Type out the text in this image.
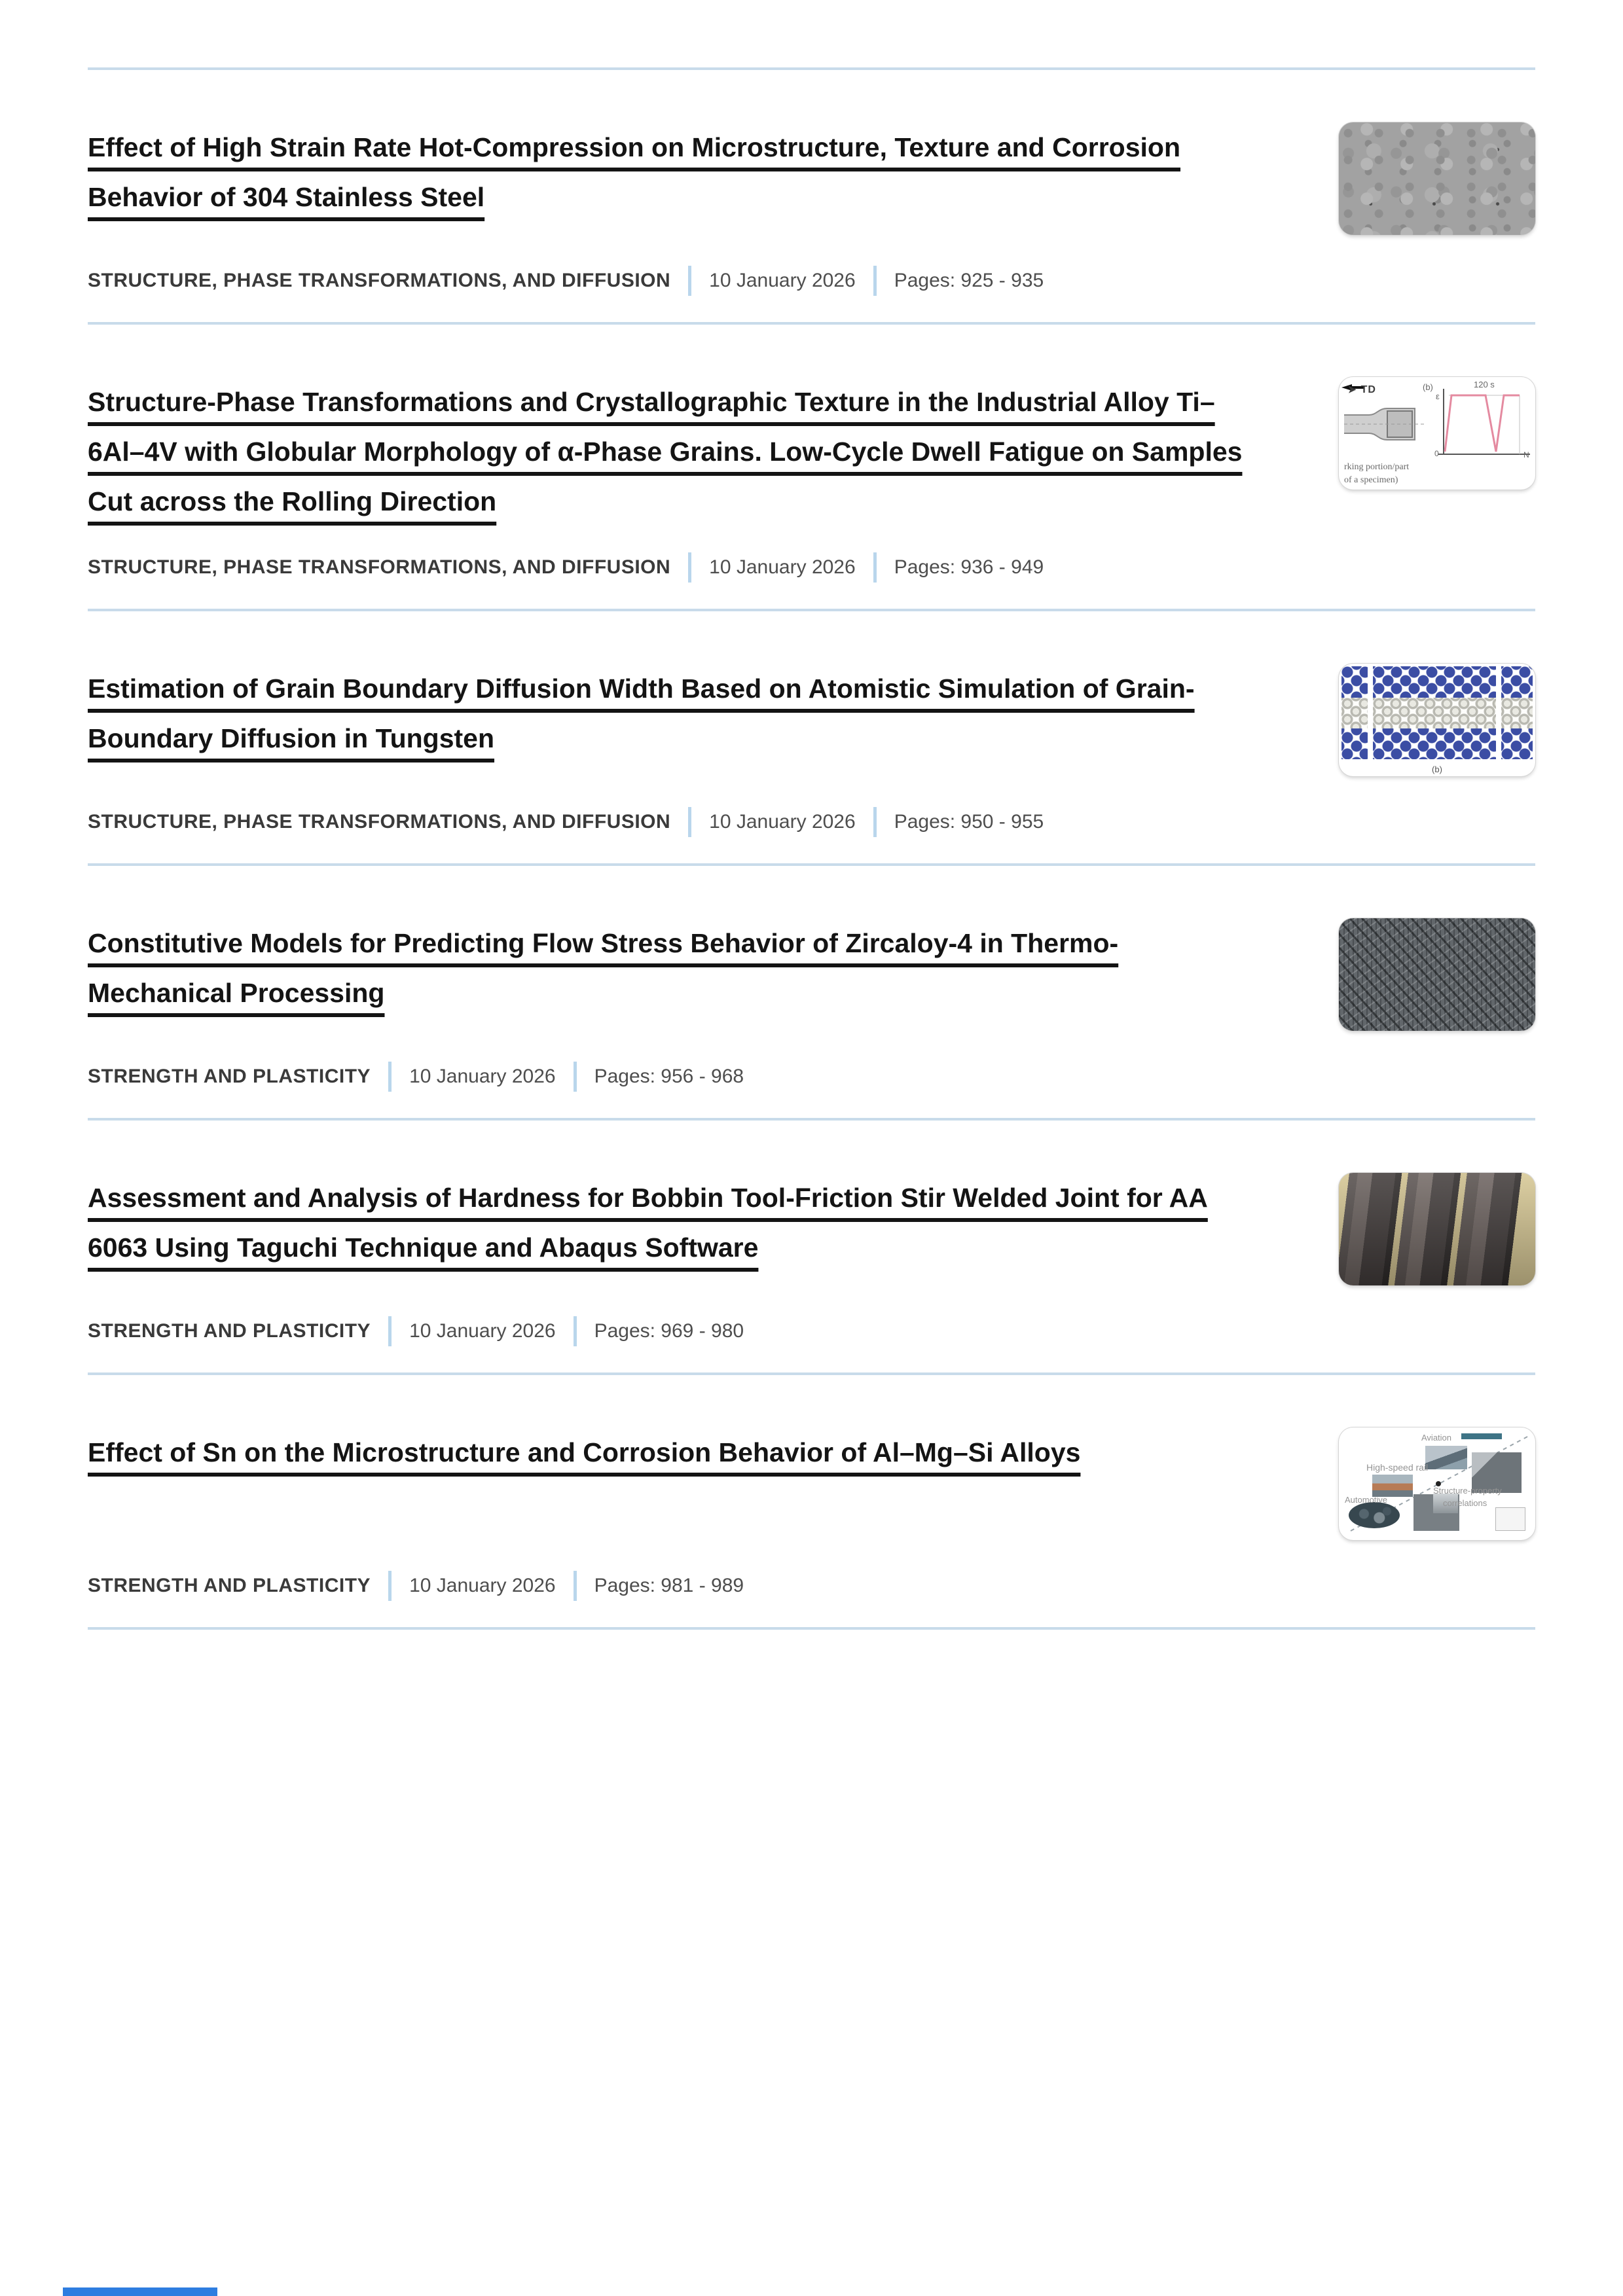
Effect of High Strain Rate Hot-Compression on Microstructure, Texture and Corrosion Behavior of 304 Stainless Steel
STRUCTURE, PHASE TRANSFORMATIONS, AND DIFFUSION 10 January 2026 Pages: 925 - 935
Structure-Phase Transformations and Crystallographic Texture in the Industrial Alloy Ti–6Al–4V with Globular Morphology of α-Phase Grains. Low-Cycle Dwell Fatigue on Samples Cut across the Rolling Direction
STRUCTURE, PHASE TRANSFORMATIONS, AND DIFFUSION 10 January 2026 Pages: 936 - 949
➤ TD	(b)
ε
120 s
0	N
rking portion/part
of a specimen)
Estimation of Grain Boundary Diffusion Width Based on Atomistic Simulation of Grain-Boundary Diffusion in Tungsten
STRUCTURE, PHASE TRANSFORMATIONS, AND DIFFUSION 10 January 2026 Pages: 950 - 955
(b)
Constitutive Models for Predicting Flow Stress Behavior of Zircaloy-4 in Thermo-Mechanical Processing
STRENGTH AND PLASTICITY 10 January 2026 Pages: 956 - 968
Assessment and Analysis of Hardness for Bobbin Tool-Friction Stir Welded Joint for AA 6063 Using Taguchi Technique and Abaqus Software
STRENGTH AND PLASTICITY 10 January 2026 Pages: 969 - 980
Effect of Sn on the Microstructure and Corrosion Behavior of Al–Mg–Si Alloys
STRENGTH AND PLASTICITY 10 January 2026 Pages: 981 - 989
Aviation
High-speed rail
Automotive
Structure-property
correlations
